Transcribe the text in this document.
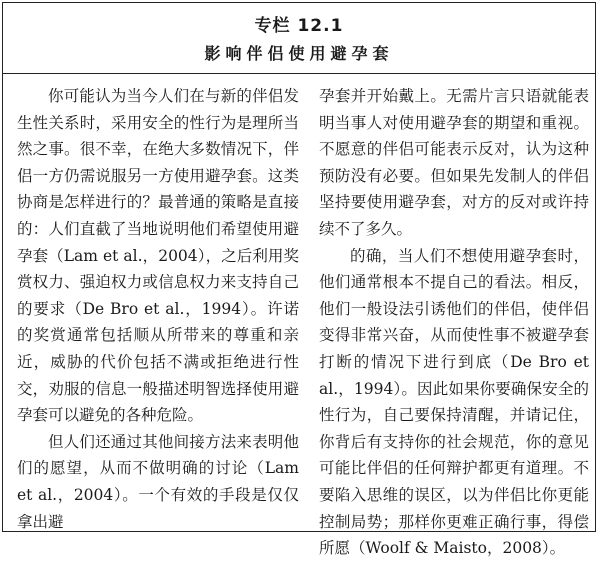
专栏 12.1
影响伴侣使用避孕套

你可能认为当今人们在与新的伴侣发生性关系时，采用安全的性行为是理所当然之事。很不幸，在绝大多数情况下，伴侣一方仍需说服另一方使用避孕套。这类协商是怎样进行的？最普通的策略是直接的：人们直截了当地说明他们希望使用避孕套（Lam et al.，2004），之后利用奖赏权力、强迫权力或信息权力来支持自己的要求（De Bro et al.，1994）。许诺的奖赏通常包括顺从所带来的尊重和亲近，威胁的代价包括不满或拒绝进行性交，劝服的信息一般描述明智选择使用避孕套可以避免的各种危险。

但人们还通过其他间接方法来表明他们的愿望，从而不做明确的讨论（Lam et al.，2004）。一个有效的手段是仅仅拿出避

孕套并开始戴上。无需片言只语就能表明当事人对使用避孕套的期望和重视。不愿意的伴侣可能表示反对，认为这种预防没有必要。但如果先发制人的伴侣坚持要使用避孕套，对方的反对或许持续不了多久。

的确，当人们不想使用避孕套时，他们通常根本不提自己的看法。相反，他们一般设法引诱他们的伴侣，使伴侣变得非常兴奋，从而使性事不被避孕套打断的情况下进行到底（De Bro et al.，1994）。因此如果你要确保安全的性行为，自己要保持清醒，并请记住，你背后有支持你的社会规范，你的意见可能比伴侣的任何辩护都更有道理。不要陷入思维的误区，以为伴侣比你更能控制局势；那样你更难正确行事，得偿所愿（Woolf & Maisto，2008）。
